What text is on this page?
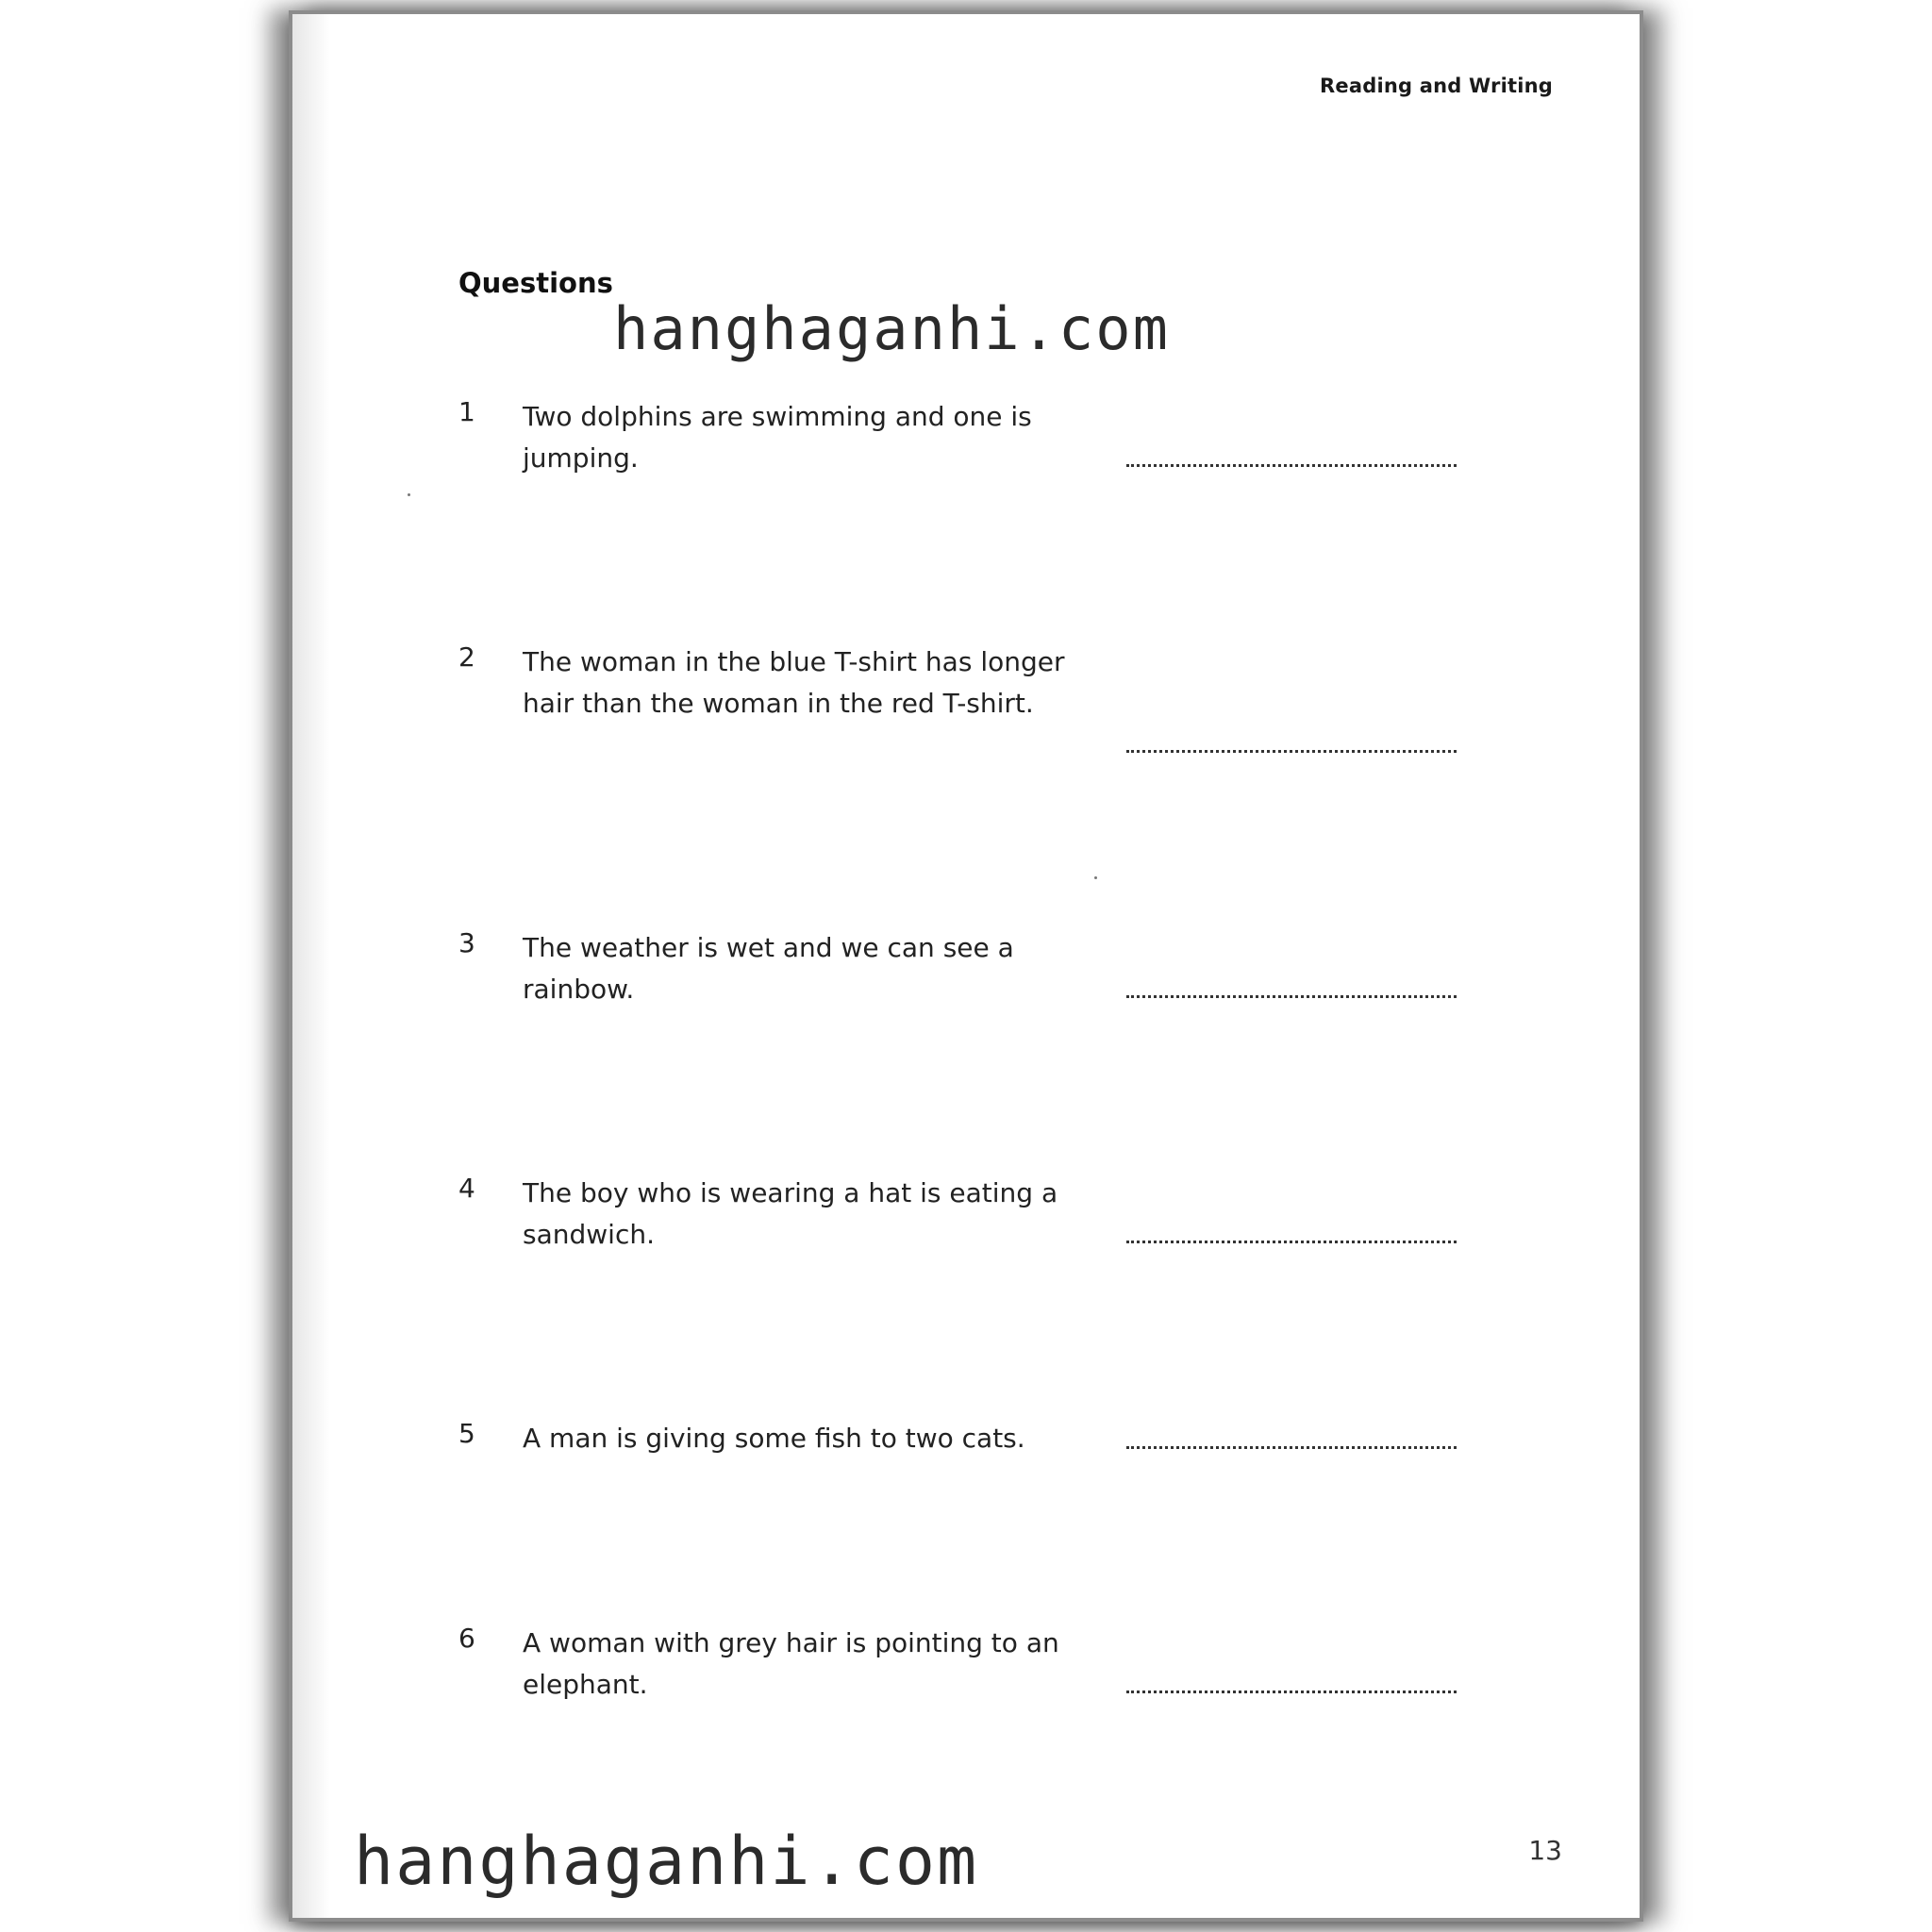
Reading and Writing
Questions
1 Two dolphins are swimming and one is jumping.
2 The woman in the blue T-shirt has longer hair than the woman in the red T-shirt.
3 The weather is wet and we can see a rainbow.
4 The boy who is wearing a hat is eating a sandwich.
5 A man is giving some fish to two cats.
6 A woman with grey hair is pointing to an elephant.
13
hanghaganhi.com
hanghaganhi.com
